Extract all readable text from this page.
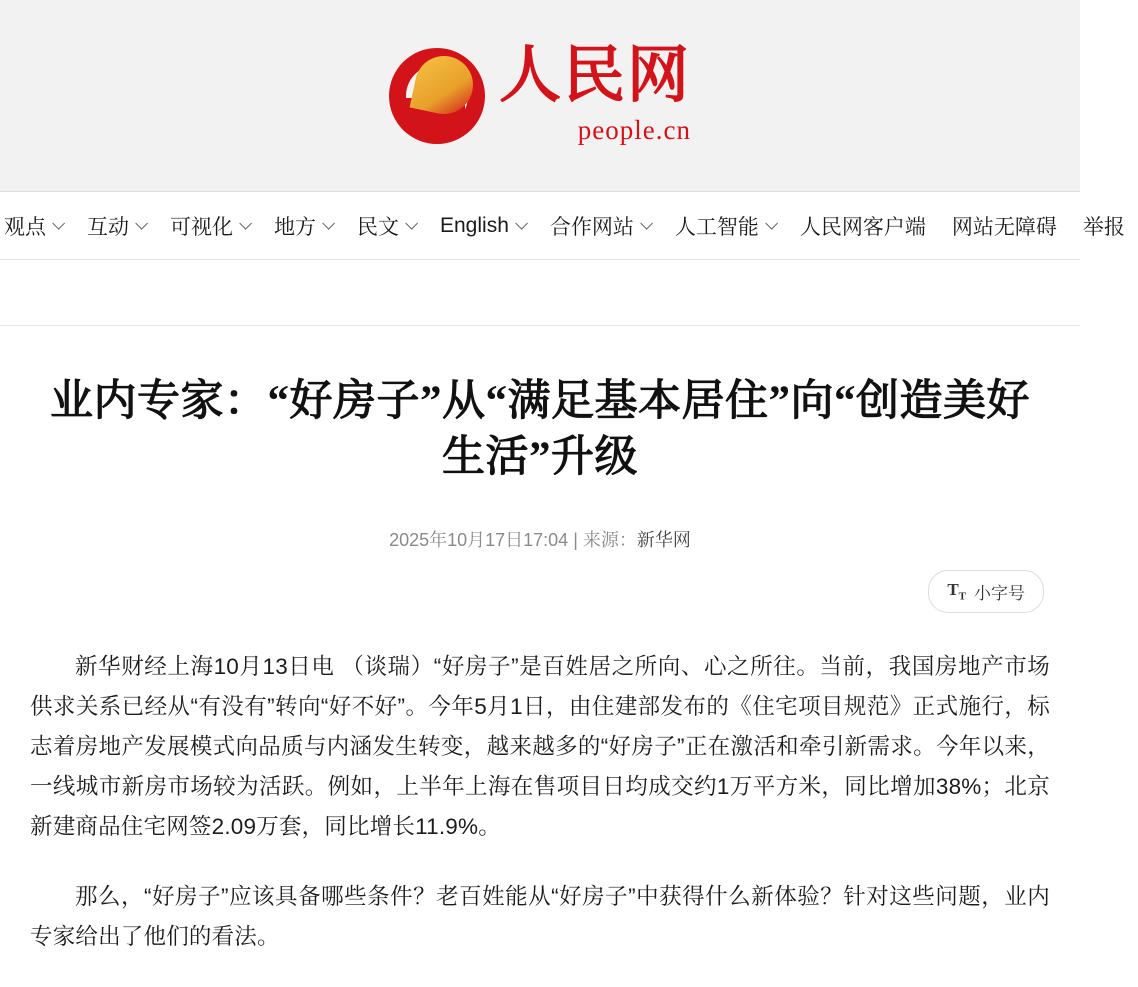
人民网
people.cn
观点 互动 可视化 地方 民文 English 合作网站 人工智能 人民网客户端 网站无障碍 举报
业内专家：“好房子”从“满足基本居住”向“创造美好生活”升级
2025年10月17日17:04 | 来源：新华网
$T_T$ 小字号

新华财经上海10月13日电 （谈瑞）“好房子”是百姓居之所向、心之所往。当前，我国房地产市场供求关系已经从“有没有”转向“好不好”。今年5月1日，由住建部发布的《住宅项目规范》正式施行，标志着房地产发展模式向品质与内涵发生转变，越来越多的“好房子”正在激活和牵引新需求。今年以来，一线城市新房市场较为活跃。例如，上半年上海在售项目日均成交约1万平方米，同比增加38%；北京新建商品住宅网签2.09万套，同比增长11.9%。

那么，“好房子”应该具备哪些条件？老百姓能从“好房子”中获得什么新体验？针对这些问题，业内专家给出了他们的看法。
